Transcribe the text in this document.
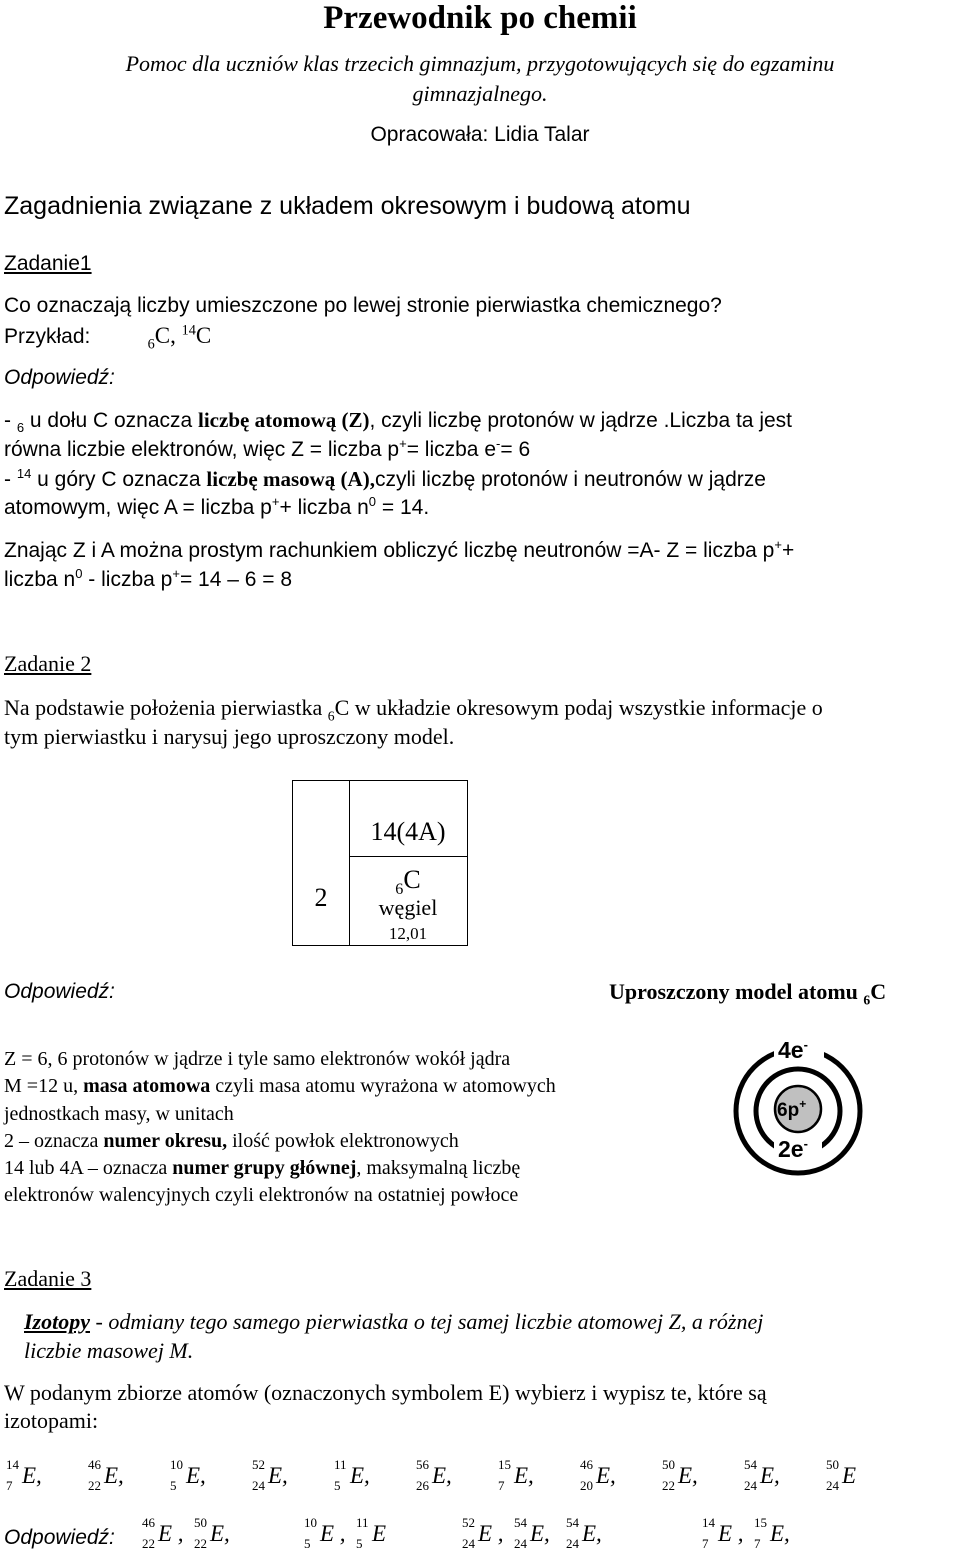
Przewodnik po chemii
Pomoc dla uczniów klas trzecich gimnazjum, przygotowujących się do egzaminu
gimnazjalnego.
Opracowała: Lidia Talar
Zagadnienia związane z układem okresowym i budową atomu
Zadanie1
Co oznaczają liczby umieszczone po lewej stronie pierwiastka chemicznego?
Przykład:	$_6$C, $^{14}$C
Odpowiedź:
- $_6$ u dołu C oznacza liczbę atomową (Z), czyli liczbę protonów w jądrze .Liczba ta jest
równa liczbie elektronów, więc Z = liczba p+= liczba e-= 6
- $^{14}$ u góry C oznacza liczbę masową (A),czyli liczbę protonów i neutronów w jądrze
atomowym, więc A = liczba p++ liczba $n^0 = 14$.
Znając Z i A można prostym rachunkiem obliczyć liczbę neutronów =A- Z = liczba p++
liczba $n^0$ - liczba p+= 14 – 6 = 8
Zadanie 2
Na podstawie położenia pierwiastka $_6$C w układzie okresowym podaj wszystkie informacje o
tym pierwiastku i narysuj jego uproszczony model.
2
14(4A)
$_6$C
węgiel
12,01
Odpowiedź:	Uproszczony model atomu $_6$C
Z = 6, 6 protonów w jądrze i tyle samo elektronów wokół jądra
M =12 u, masa atomowa czyli masa atomu wyrażona w atomowych
jednostkach masy, w unitach
2 – oznacza numer okresu, ilość powłok elektronowych
14 lub 4A – oznacza numer grupy głównej, maksymalną liczbę
elektronów walencyjnych czyli elektronów na ostatniej powłoce
4e-
6p+
2e-
Zadanie 3
Izotopy - odmiany tego samego pierwiastka o tej samej liczbie atomowej Z, a różnej
liczbie masowej M.
W podanym zbiorze atomów (oznaczonych symbolem E) wybierz i wypisz te, które są
izotopami:
14
7 E,	46
22 E,	10
5 E,	52
24 E,	11
5 E,	56
26 E,	15
7 E,	46
20 E,	50
22 E,	54
24 E,	50
24 E
Odpowiedź:
46
22 E , 50
22 E,	10
5 E , 11
5 E	52
24 E , 54
24 E, 54
24 E,	14
7 E , 15
7 E,
